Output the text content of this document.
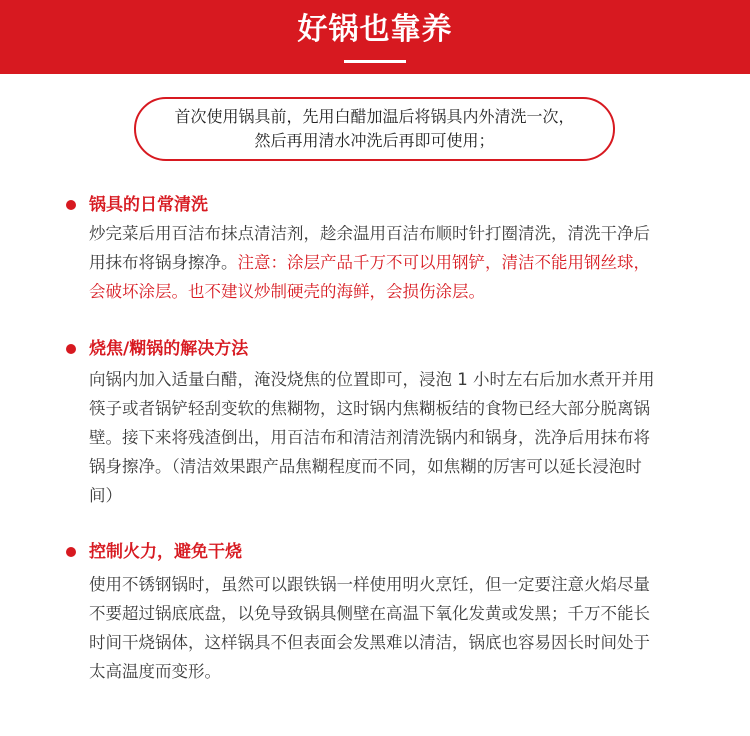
好锅也靠养
首次使用锅具前，先用白醋加温后将锅具内外清洗一次，
然后再用清水冲洗后再即可使用；
锅具的日常清洗
炒完菜后用百洁布抹点清洁剂，趁余温用百洁布顺时针打圈清洗，清洗干净后用抹布将锅身擦净。注意：涂层产品千万不可以用钢铲，清洁不能用钢丝球，会破坏涂层。也不建议炒制硬壳的海鲜，会损伤涂层。
烧焦/糊锅的解决方法
向锅内加入适量白醋，淹没烧焦的位置即可，浸泡 1 小时左右后加水煮开并用筷子或者锅铲轻刮变软的焦糊物，这时锅内焦糊板结的食物已经大部分脱离锅壁。接下来将残渣倒出，用百洁布和清洁剂清洗锅内和锅身，洗净后用抹布将锅身擦净。（清洁效果跟产品焦糊程度而不同，如焦糊的厉害可以延长浸泡时间）
控制火力，避免干烧
使用不锈钢锅时，虽然可以跟铁锅一样使用明火烹饪，但一定要注意火焰尽量不要超过锅底底盘，以免导致锅具侧壁在高温下氧化发黄或发黑；千万不能长时间干烧锅体，这样锅具不但表面会发黑难以清洁，锅底也容易因长时间处于太高温度而变形。
